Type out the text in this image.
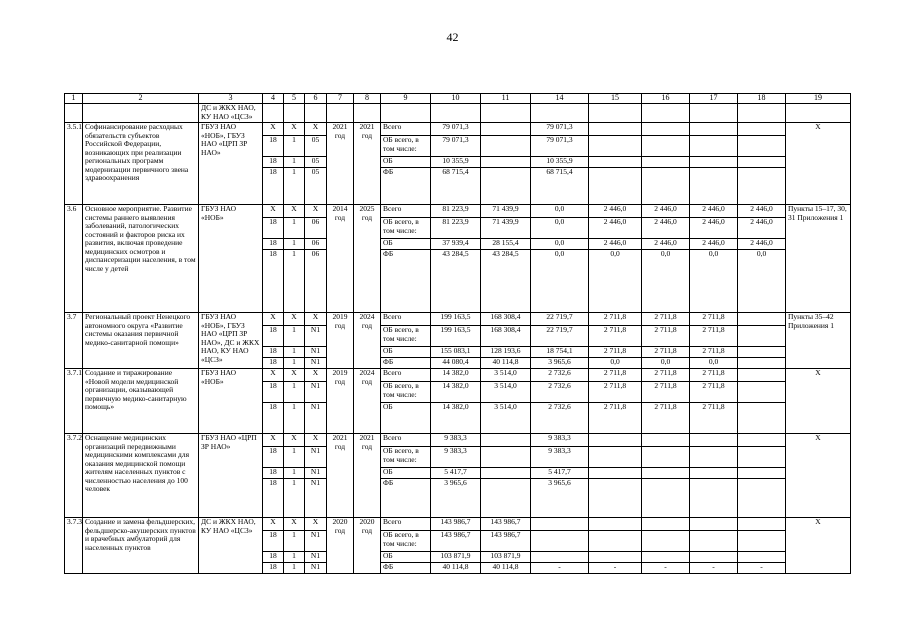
42
1	2	3	4	5	6	7	8	9	10	11	14	15	16	17	18	19
		ДС и ЖКХ НАО, КУ НАО «ЦСЗ»														
3.5.1	Софинансирование расходных обязательств субъектов Российской Федерации, возникающих при реализации региональных программ модернизации первичного звена здравоохранения	ГБУЗ НАО «НОБ», ГБУЗ НАО «ЦРП ЗР НАО»	X	X	X	2021 год	2021 год	Всего	79 071,3		79 071,3					X
			18	1	05			ОБ всего, в том числе:	79 071,3		79 071,3					
			18	1	05			ОБ	10 355,9		10 355,9					
			18	1	05			ФБ	68 715,4		68 715,4					
3.6	Основное мероприятие. Развитие системы раннего выявления заболеваний, патологических состояний и факторов риска их развития, включая проведение медицинских осмотров и диспансеризации населения, в том числе у детей	ГБУЗ НАО «НОБ»	X	X	X	2014 год	2025 год	Всего	81 223,9	71 439,9	0,0	2 446,0	2 446,0	2 446,0	2 446,0	Пункты 15–17, 30, 31 Приложения 1
			18	1	06			ОБ всего, в том числе:	81 223,9	71 439,9	0,0	2 446,0	2 446,0	2 446,0	2 446,0	
			18	1	06			ОБ	37 939,4	28 155,4	0,0	2 446,0	2 446,0	2 446,0	2 446,0	
			18	1	06			ФБ	43 284,5	43 284,5	0,0	0,0	0,0	0,0	0,0	
3.7	Региональный проект Ненецкого автономного округа «Развитие системы оказания первичной медико-санитарной помощи»	ГБУЗ НАО «НОБ», ГБУЗ НАО «ЦРП ЗР НАО», ДС и ЖКХ НАО, КУ НАО «ЦСЗ»	X	X	X	2019 год	2024 год	Всего	199 163,5	168 308,4	22 719,7	2 711,8	2 711,8	2 711,8		Пункты 35–42 Приложения 1
			18	1	N1			ОБ всего, в том числе:	199 163,5	168 308,4	22 719,7	2 711,8	2 711,8	2 711,8		
			18	1	N1			ОБ	155 083,1	128 193,6	18 754,1	2 711,8	2 711,8	2 711,8		
			18	1	N1			ФБ	44 080,4	40 114,8	3 965,6	0,0	0,0	0,0		
3.7.1	Создание и тиражирование «Новой модели медицинской организации, оказывающей первичную медико-санитарную помощь»	ГБУЗ НАО «НОБ»	X	X	X	2019 год	2024 год	Всего	14 382,0	3 514,0	2 732,6	2 711,8	2 711,8	2 711,8		X
			18	1	N1			ОБ всего, в том числе:	14 382,0	3 514,0	2 732,6	2 711,8	2 711,8	2 711,8		
			18	1	N1			ОБ	14 382,0	3 514,0	2 732,6	2 711,8	2 711,8	2 711,8		
3.7.2	Оснащение медицинских организаций передвижными медицинскими комплексами для оказания медицинской помощи жителям населенных пунктов с численностью населения до 100 человек	ГБУЗ НАО «ЦРП ЗР НАО»	X	X	X	2021 год	2021 год	Всего	9 383,3		9 383,3					X
			18	1	N1			ОБ всего, в том числе:	9 383,3		9 383,3					
			18	1	N1			ОБ	5 417,7		5 417,7					
			18	1	N1			ФБ	3 965,6		3 965,6					
3.7.3	Создание и замена фельдшерских, фельдшерско-акушерских пунктов и врачебных амбулаторий для населенных пунктов	ДС и ЖКХ НАО, КУ НАО «ЦСЗ»	X	X	X	2020 год	2020 год	Всего	143 986,7	143 986,7						X
			18	1	N1			ОБ всего, в том числе:	143 986,7	143 986,7						
			18	1	N1			ОБ	103 871,9	103 871,9						
			18	1	N1			ФБ	40 114,8	40 114,8	-	-	-	-	-	
